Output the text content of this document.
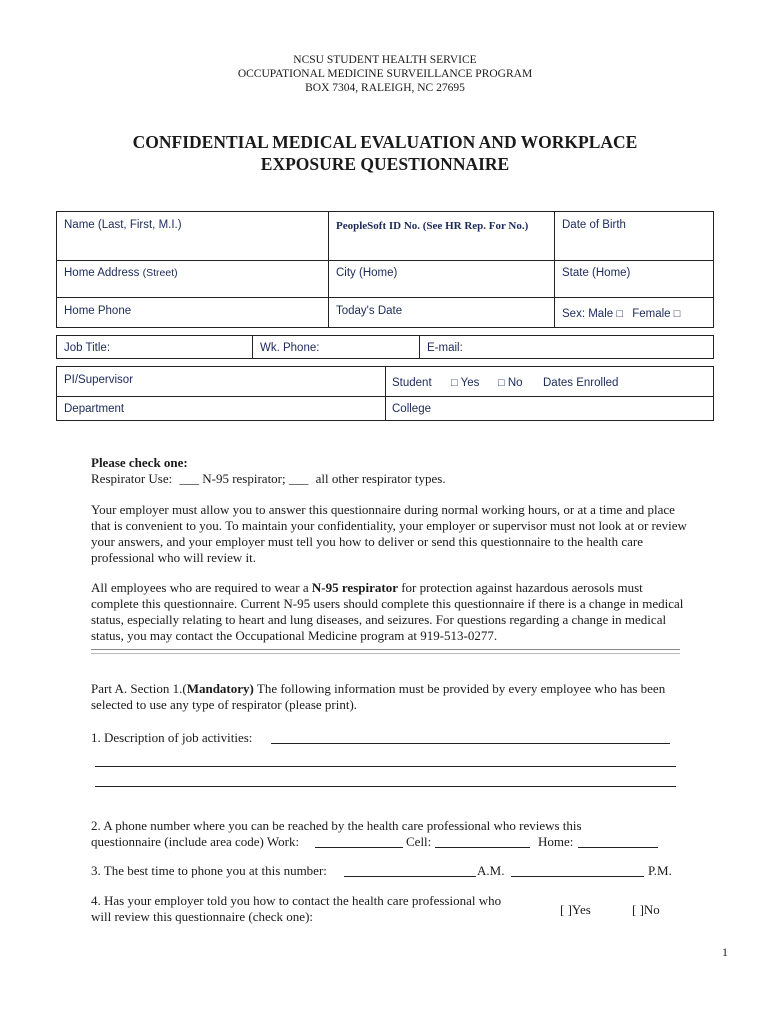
NCSU STUDENT HEALTH SERVICE
OCCUPATIONAL MEDICINE SURVEILLANCE PROGRAM
BOX 7304, RALEIGH, NC 27695
CONFIDENTIAL MEDICAL EVALUATION AND WORKPLACE
EXPOSURE QUESTIONNAIRE
Name (Last, First, M.I.)	PeopleSoft ID No. (See HR Rep. For No.)	Date of Birth
Home Address (Street)	City (Home)	State (Home)
Home Phone	Today's Date	Sex: Male □ Female □
Job Title:	Wk. Phone:	E-mail:
PI/Supervisor	Student □ Yes □ No Dates Enrolled
Department	College
Please check one:
Respirator Use: ___ N-95 respirator; ___ all other respirator types.
Your employer must allow you to answer this questionnaire during normal working hours, or at a time and place that is convenient to you. To maintain your confidentiality, your employer or supervisor must not look at or review your answers, and your employer must tell you how to deliver or send this questionnaire to the health care professional who will review it.
All employees who are required to wear a N-95 respirator for protection against hazardous aerosols must complete this questionnaire. Current N-95 users should complete this questionnaire if there is a change in medical status, especially relating to heart and lung diseases, and seizures. For questions regarding a change in medical status, you may contact the Occupational Medicine program at 919-513-0277.
Part A. Section 1.(Mandatory) The following information must be provided by every employee who has been selected to use any type of respirator (please print).
1. Description of job activities:
2. A phone number where you can be reached by the health care professional who reviews this
questionnaire (include area code) Work:	Cell:	Home:
3. The best time to phone you at this number:	A.M.	P.M.
4. Has your employer told you how to contact the health care professional who
will review this questionnaire (check one):	[ ]Yes	[ ]No
1
